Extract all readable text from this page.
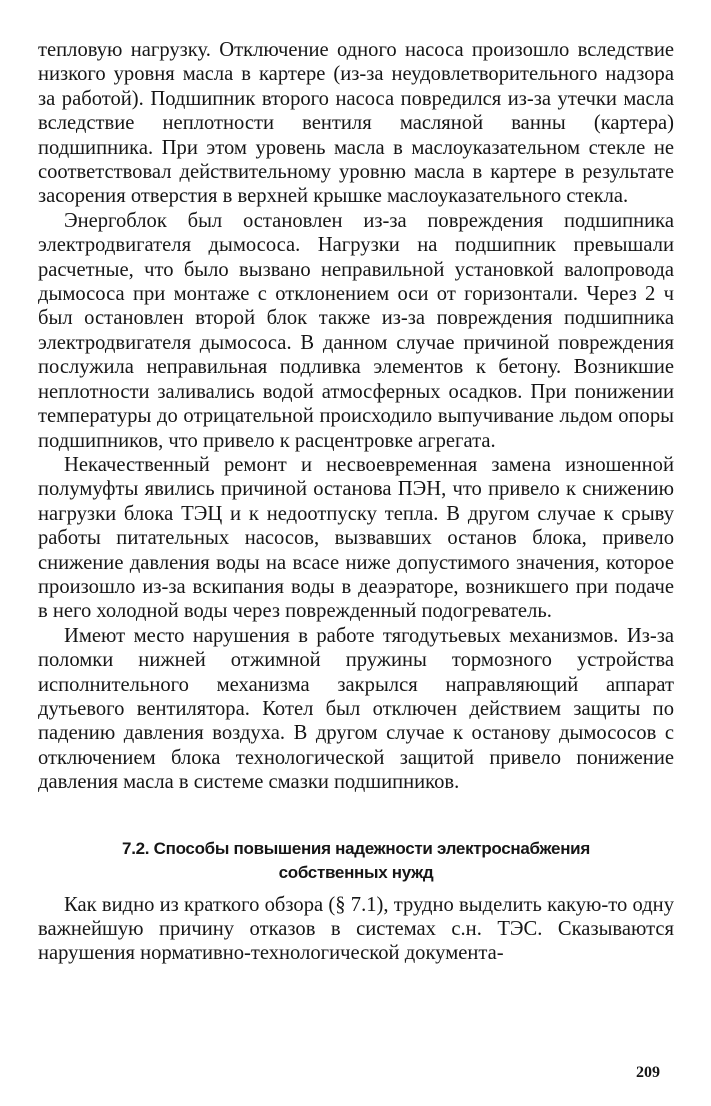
тепловую нагрузку. Отключение одного насоса произошло вследствие низкого уровня масла в картере (из-за неудовлетворительного надзора за работой). Подшипник второго насоса повредился из-за утечки масла вследствие неплотности вентиля масляной ванны (картера) подшипника. При этом уровень масла в маслоуказательном стекле не соответствовал действительному уровню масла в картере в результате засорения отверстия в верхней крышке маслоуказательного стекла.

Энергоблок был остановлен из-за повреждения подшипника электродвигателя дымососа. Нагрузки на подшипник превышали расчетные, что было вызвано неправильной установкой валопровода дымососа при монтаже с отклонением оси от горизонтали. Через 2 ч был остановлен второй блок также из-за повреждения подшипника электродвигателя дымососа. В данном случае причиной повреждения послужила неправильная подливка элементов к бетону. Возникшие неплотности заливались водой атмосферных осадков. При понижении температуры до отрицательной происходило выпучивание льдом опоры подшипников, что привело к расцентровке агрегата.

Некачественный ремонт и несвоевременная замена изношенной полумуфты явились причиной останова ПЭН, что привело к снижению нагрузки блока ТЭЦ и к недоотпуску тепла. В другом случае к срыву работы питательных насосов, вызвавших останов блока, привело снижение давления воды на всасе ниже допустимого значения, которое произошло из-за вскипания воды в деаэраторе, возникшего при подаче в него холодной воды через поврежденный подогреватель.

Имеют место нарушения в работе тягодутьевых механизмов. Из-за поломки нижней отжимной пружины тормозного устройства исполнительного механизма закрылся направляющий аппарат дутьевого вентилятора. Котел был отключен действием защиты по падению давления воздуха. В другом случае к останову дымососов с отключением блока технологической защитой привело понижение давления масла в системе смазки подшипников.

7.2. Способы повышения надежности электроснабжения
собственных нужд

Как видно из краткого обзора (§ 7.1), трудно выделить какую-то одну важнейшую причину отказов в системах с.н. ТЭС. Сказываются нарушения нормативно-технологической документа-

209
